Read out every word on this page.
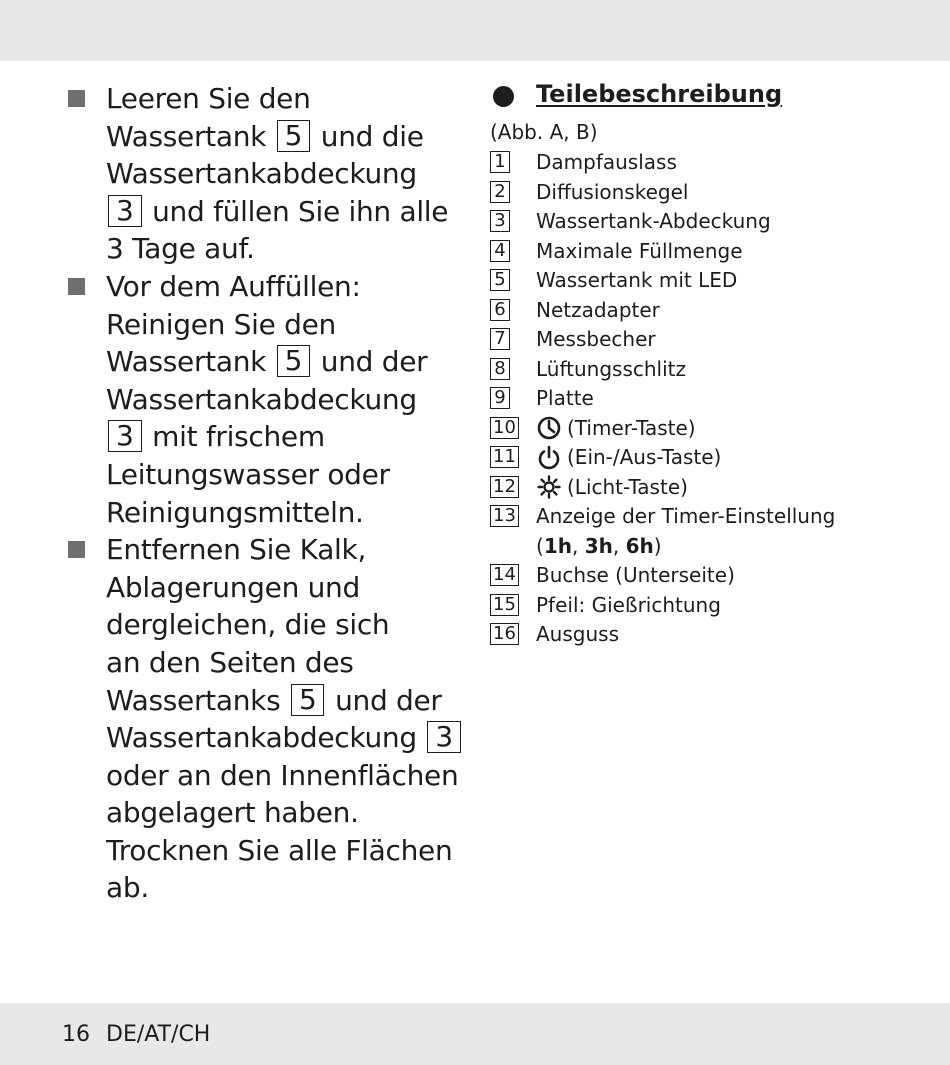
Leeren Sie den
Wassertank 5 und die
Wassertankabdeckung
3 und füllen Sie ihn alle
3 Tage auf.
Vor dem Auffüllen:
Reinigen Sie den
Wassertank 5 und der
Wassertankabdeckung
3 mit frischem
Leitungswasser oder
Reinigungsmitteln.
Entfernen Sie Kalk,
Ablagerungen und
dergleichen, die sich
an den Seiten des
Wassertanks 5 und der
Wassertankabdeckung 3
oder an den Innenflächen
abgelagert haben.
Trocknen Sie alle Flächen
ab.
Teilebeschreibung
(Abb. A, B)
1	Dampfauslass
2	Diffusionskegel
3	Wassertank-Abdeckung
4	Maximale Füllmenge
5	Wassertank mit LED
6	Netzadapter
7	Messbecher
8	Lüftungsschlitz
9	Platte
10	(Timer-Taste)
11	(Ein-/Aus-Taste)
12	(Licht-Taste)
13	Anzeige der Timer-Einstellung
(1h, 3h, 6h)
14	Buchse (Unterseite)
15	Pfeil: Gießrichtung
16	Ausguss
16 DE/AT/CH
